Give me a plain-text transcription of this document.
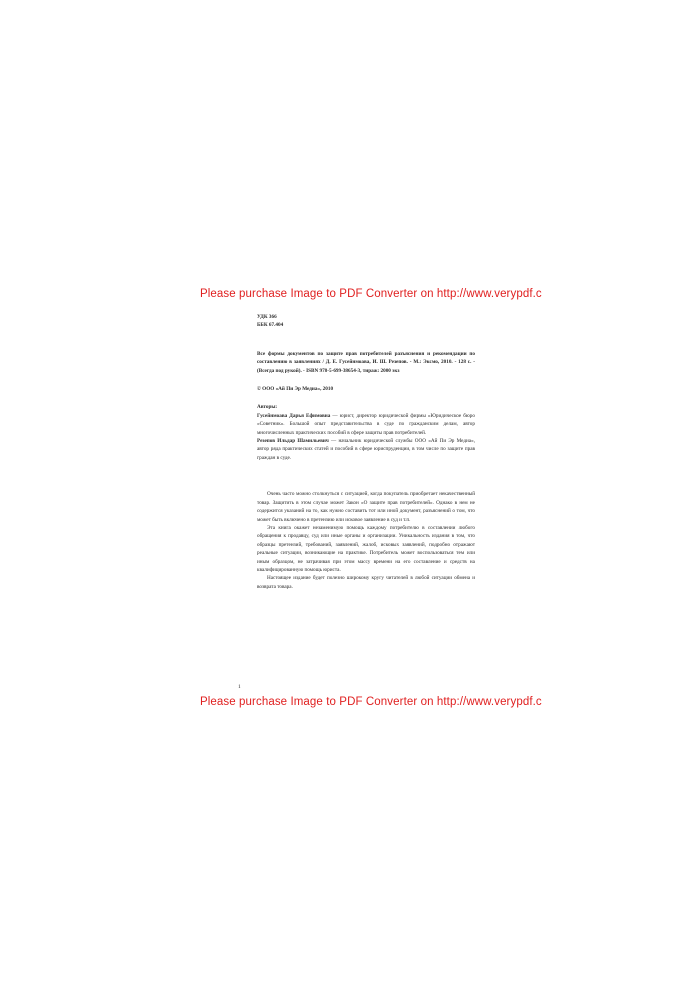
Please purchase Image to PDF Converter on http://www.verypdf.c

УДК 366

ББК 67.404

Все формы документов по защите прав потребителей разъяснения и рекомендации по составлению в заявлениях / Д. Е. Гусейнмоава, И. Ш. Резепов. - М.: Эксмо, 2010. - 128 с. - (Всегда под рукой). - ISBN 978-5-699-38654-3, тираж: 2000 экз
© ООО «Ай Пи Эр Медиа», 2010
Авторы:

Гусейнмоава Дарья Ефимовна — юрист, директор юридической фирмы «Юридическое бюро «Советник». Большой опыт представительства в суде по гражданским делам, автор многочисленных практических пособий в сфере защиты прав потребителей.

Резепов Ильдар Шамильевич — начальник юридической службы ООО «Ай Пи Эр Медиа», автор ряда практических статей и пособий в сфере юриспруденции, в том числе по защите прав граждан в суде.

Очень часто можно столкнуться с ситуацией, когда покупатель приобретает некачественный товар. Защитить в этом случае может Закон «О защите прав потребителей». Однако в нем не содержится указаний на то, как нужно составить тот или иной документ, разъяснений о том, что может быть включено в претензию или исковое заявление в суд и т.п.

Эта книга окажет незаменимую помощь каждому потребителю в составлении любого обращения к продавцу, суд или иные органы и организации. Уникальность издания в том, что образцы претензий, требований, заявлений, жалоб, исковых заявлений, подробно отражают реальные ситуации, возникающие на практике. Потребитель может воспользоваться тем или иным образцом, не затрачивая при этом массу времени на его составление и средств на квалифицированную помощь юриста.

Настоящее издание будет полезно широкому кругу читателей в любой ситуации обмена и возврата товара.

1
Please purchase Image to PDF Converter on http://www.verypdf.c
